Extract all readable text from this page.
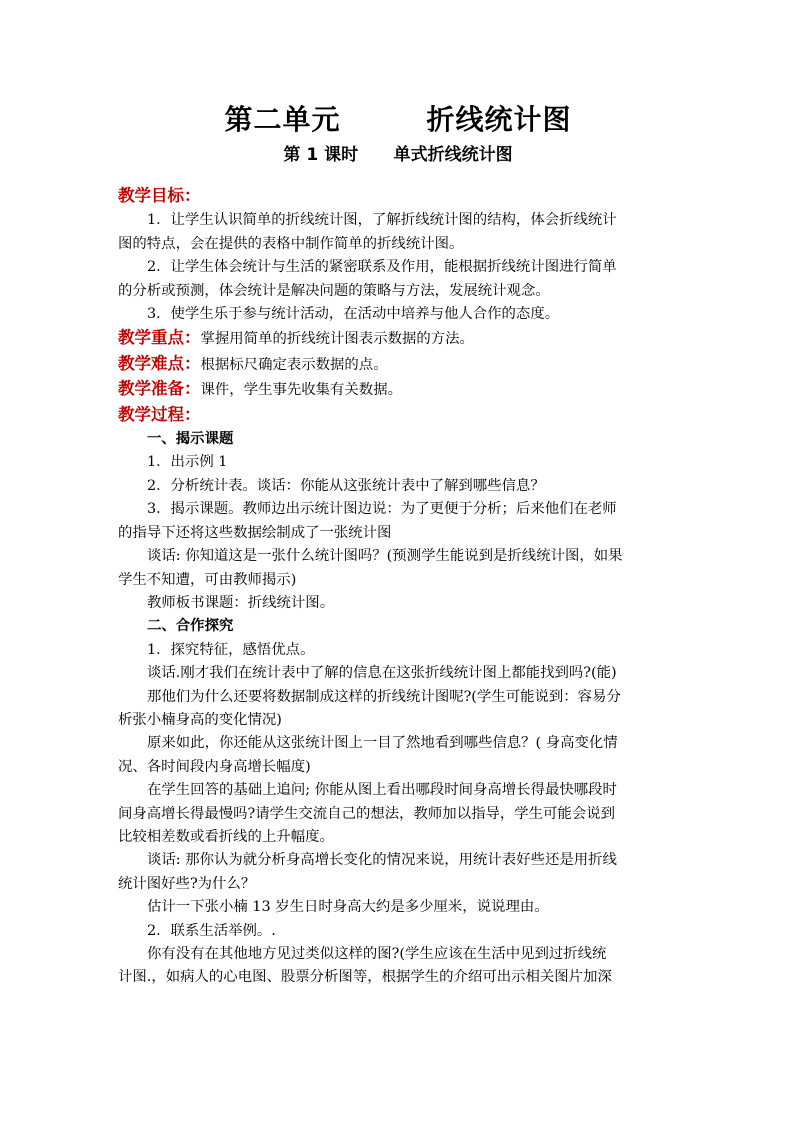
第二单元        折线统计图
第 1 课时      单式折线统计图
教学目标：
1．让学生认识简单的折线统计图，了解折线统计图的结构，体会折线统计
图的特点，会在提供的表格中制作简单的折线统计图。
2．让学生体会统计与生活的紧密联系及作用，能根据折线统计图进行简单
的分析或预测，体会统计是解决问题的策略与方法，发展统计观念。
3．使学生乐于参与统计活动，在活动中培养与他人合作的态度。
教学重点：掌握用简单的折线统计图表示数据的方法。
教学难点：根据标尺确定表示数据的点。
教学准备：课件，学生事先收集有关数据。
教学过程：
一、揭示课题
1．出示例 1
2．分析统计表。谈话：你能从这张统计表中了解到哪些信息？
3．揭示课题。教师边出示统计图边说：为了更便于分析；后来他们在老师
的指导下还将这些数据绘制成了一张统计图
谈话: 你知道这是一张什么统计图吗？(预测学生能说到是折线统计图，如果
学生不知遭，可由教师揭示)
教师板书课题：折线统计图。
二、合作探究
1．探究特征，感悟优点。
谈话.刚才我们在统计表中了解的信息在这张折线统计图上都能找到吗?(能)
那他们为什么还要将数据制成这样的折线统计图呢?(学生可能说到：容易分
析张小楠身高的变化情况)
原来如此，你还能从这张统计图上一目了然地看到哪些信息？( 身高变化情
况、各时间段内身高增长幅度)
在学生回答的基础上追问; 你能从图上看出哪段时间身高增长得最快哪段时
间身高增长得最慢吗?请学生交流自己的想法，教师加以指导，学生可能会说到
比较相差数或看折线的上升幅度。
谈话: 那你认为就分析身高增长变化的情况来说，用统计表好些还是用折线
统计图好些?为什么？
估计一下张小楠 13 岁生日时身高大约是多少厘米，说说理由。
2．联系生活举例。.
你有没有在其他地方见过类似这样的图?(学生应该在生活中见到过折线统
计图.，如病人的心电图、股票分析图等，根据学生的介绍可出示相关图片加深
